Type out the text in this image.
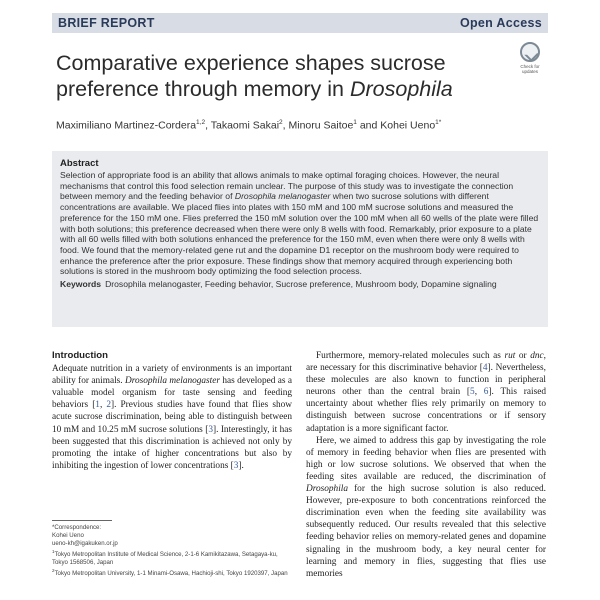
BRIEF REPORT	Open Access
Comparative experience shapes sucrose preference through memory in Drosophila
Check for updates
Maximiliano Martinez-Cordera$^{1,2}$, Takaomi Sakai$^2$, Minoru Saitoe$^1$ and Kohei Ueno$^{1*}$
Abstract
Selection of appropriate food is an ability that allows animals to make optimal foraging choices. However, the neural mechanisms that control this food selection remain unclear. The purpose of this study was to investigate the connection between memory and the feeding behavior of Drosophila melanogaster when two sucrose solutions with different concentrations are available. We placed flies into plates with 150 mM and 100 mM sucrose solutions and measured the preference for the 150 mM one. Flies preferred the 150 mM solution over the 100 mM when all 60 wells of the plate were filled with both solutions; this preference decreased when there were only 8 wells with food. Remarkably, prior exposure to a plate with all 60 wells filled with both solutions enhanced the preference for the 150 mM, even when there were only 8 wells with food. We found that the memory-related gene rut and the dopamine D1 receptor on the mushroom body were required to enhance the preference after the prior exposure. These findings show that memory acquired through experiencing both solutions is stored in the mushroom body optimizing the food selection process.
Keywords Drosophila melanogaster, Feeding behavior, Sucrose preference, Mushroom body, Dopamine signaling
Introduction

Adequate nutrition in a variety of environments is an important ability for animals. Drosophila melanogaster has developed as a valuable model organism for taste sensing and feeding behaviors [1, 2]. Previous studies have found that flies show acute sucrose discrimination, being able to distinguish between 10 mM and 10.25 mM sucrose solutions [3]. Interestingly, it has been suggested that this discrimination is achieved not only by promoting the intake of higher concentrations but also by inhibiting the ingestion of lower concentrations [3].

Furthermore, memory-related molecules such as rut or dnc, are necessary for this discriminative behavior [4]. Nevertheless, these molecules are also known to function in peripheral neurons other than the central brain [5, 6]. This raised uncertainty about whether flies rely primarily on memory to distinguish between sucrose concentrations or if sensory adaptation is a more significant factor.

Here, we aimed to address this gap by investigating the role of memory in feeding behavior when flies are presented with high or low sucrose solutions. We observed that when the feeding sites available are reduced, the discrimination of Drosophila for the high sucrose solution is also reduced. However, pre-exposure to both concentrations reinforced the discrimination even when the feeding site availability was subsequently reduced. Our results revealed that this selective feeding behavior relies on memory-related genes and dopamine signaling in the mushroom body, a key neural center for learning and memory in flies, suggesting that flies use memories

*Correspondence:
Kohei Ueno
ueno-kh@igakuken.or.jp
$^1$Tokyo Metropolitan Institute of Medical Science, 2-1-6 Kamikitazawa, Setagaya-ku, Tokyo 1568506, Japan
$^2$Tokyo Metropolitan University, 1-1 Minami-Osawa, Hachioji-shi, Tokyo 1920397, Japan
